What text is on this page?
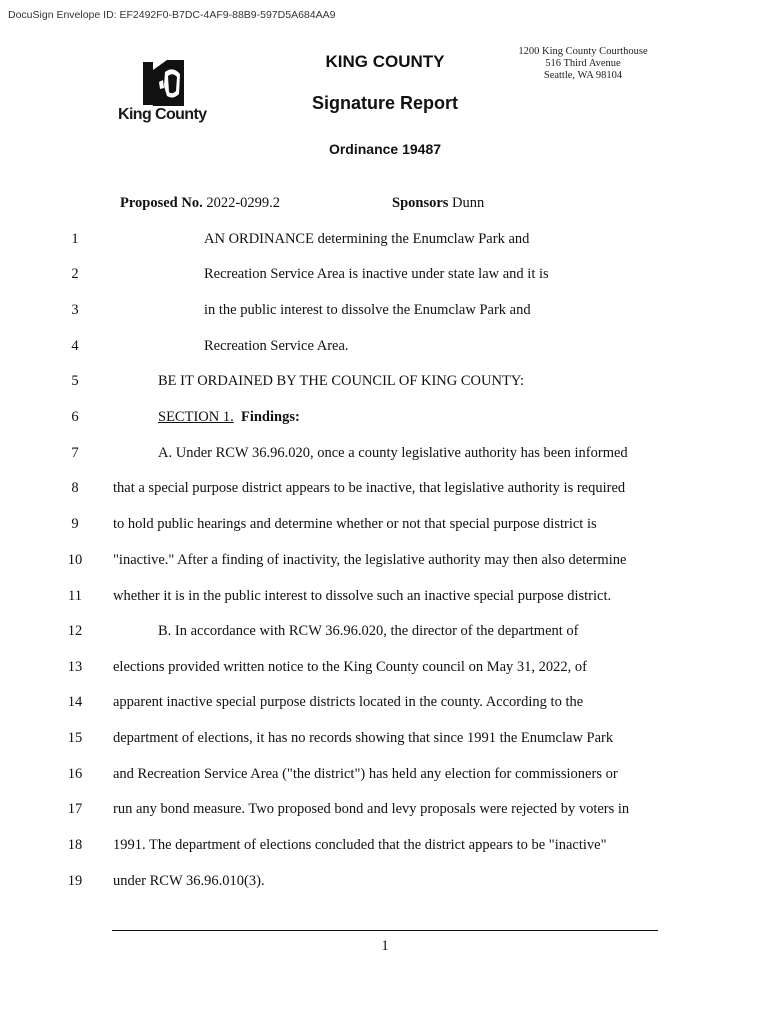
DocuSign Envelope ID: EF2492F0-B7DC-4AF9-88B9-597D5A684AA9
King County
KING COUNTY
Signature Report
Ordinance 19487
1200 King County Courthouse
516 Third Avenue
Seattle, WA 98104
Proposed No. 2022-0299.2	Sponsors Dunn
1	AN ORDINANCE determining the Enumclaw Park and
2	Recreation Service Area is inactive under state law and it is
3	in the public interest to dissolve the Enumclaw Park and
4	Recreation Service Area.
5	BE IT ORDAINED BY THE COUNCIL OF KING COUNTY:
6	SECTION 1. Findings:
7	A. Under RCW 36.96.020, once a county legislative authority has been informed
8	that a special purpose district appears to be inactive, that legislative authority is required
9	to hold public hearings and determine whether or not that special purpose district is
10	"inactive." After a finding of inactivity, the legislative authority may then also determine
11	whether it is in the public interest to dissolve such an inactive special purpose district.
12	B. In accordance with RCW 36.96.020, the director of the department of
13	elections provided written notice to the King County council on May 31, 2022, of
14	apparent inactive special purpose districts located in the county. According to the
15	department of elections, it has no records showing that since 1991 the Enumclaw Park
16	and Recreation Service Area ("the district") has held any election for commissioners or
17	run any bond measure. Two proposed bond and levy proposals were rejected by voters in
18	1991. The department of elections concluded that the district appears to be "inactive"
19	under RCW 36.96.010(3).
1
